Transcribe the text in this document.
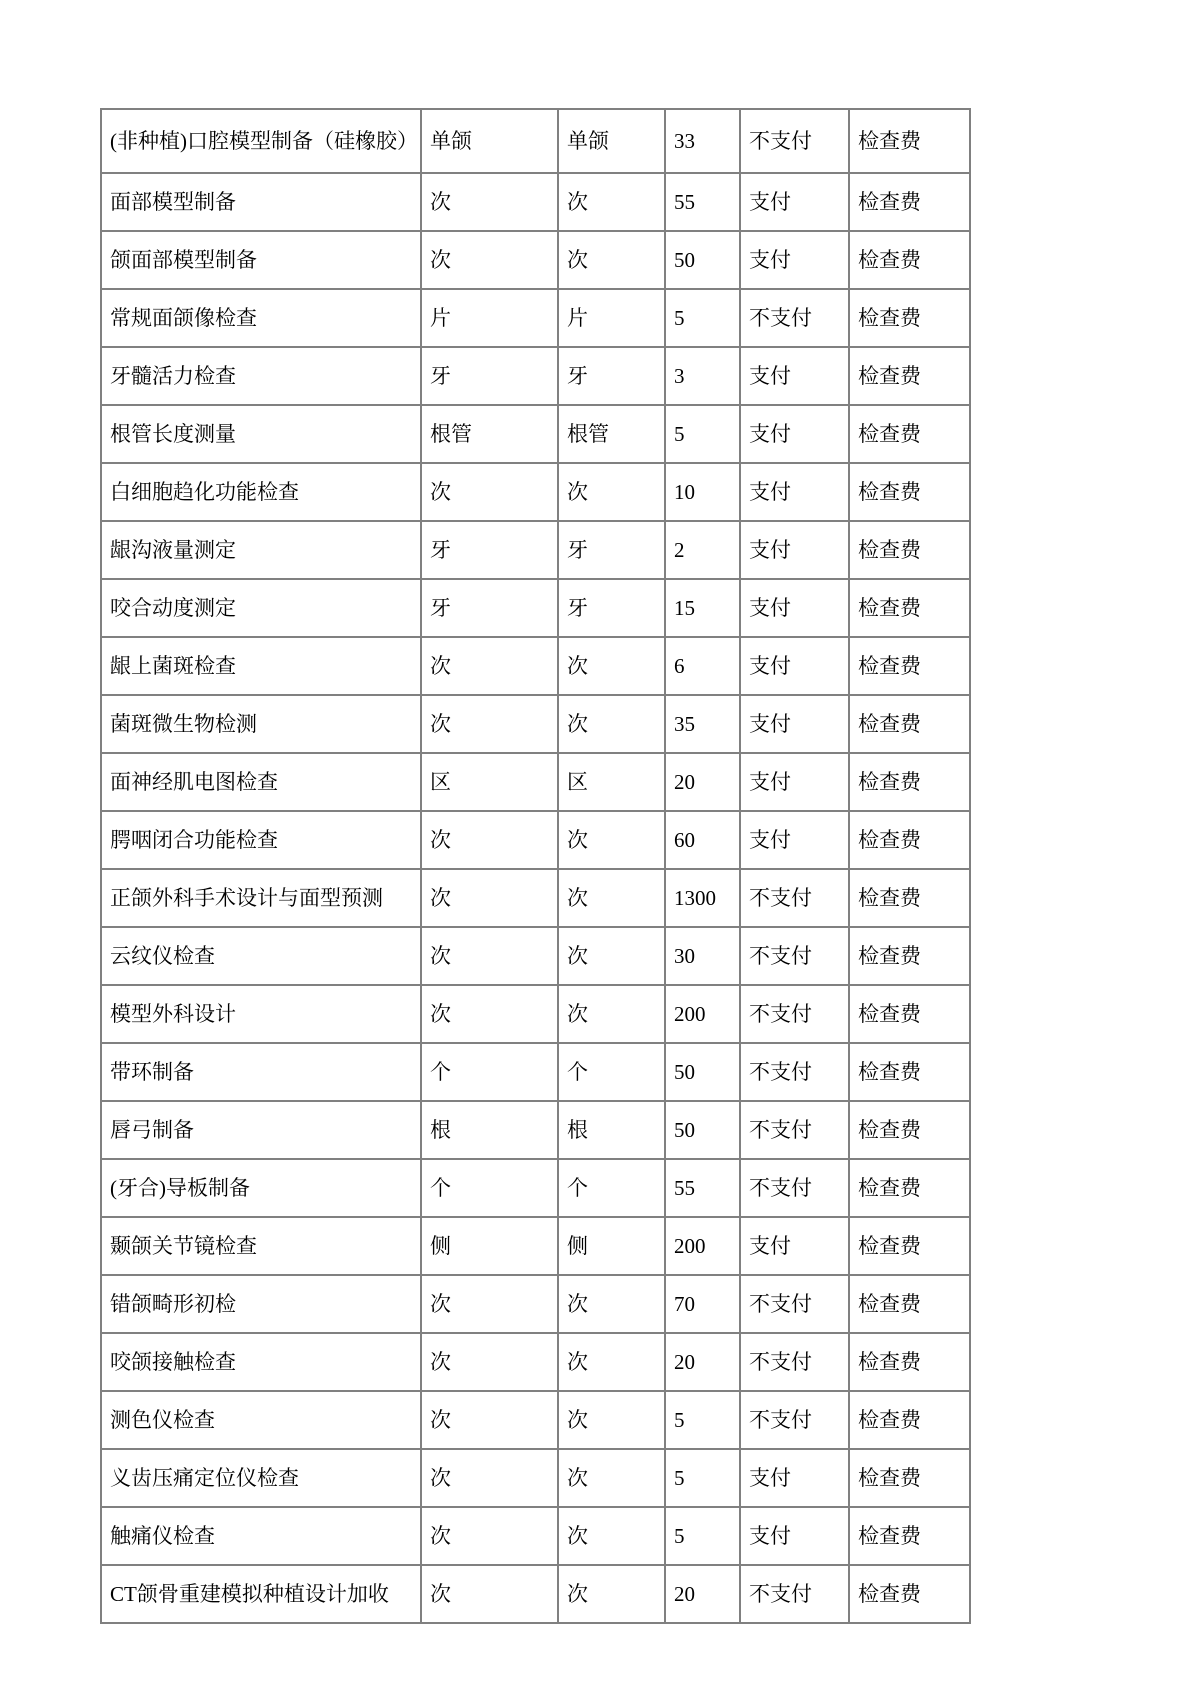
(非种植)口腔模型制备（硅橡胶）	单颌	单颌	33	不支付	检查费
面部模型制备	次	次	55	支付	检查费
颌面部模型制备	次	次	50	支付	检查费
常规面颌像检查	片	片	5	不支付	检查费
牙髓活力检查	牙	牙	3	支付	检查费
根管长度测量	根管	根管	5	支付	检查费
白细胞趋化功能检查	次	次	10	支付	检查费
龈沟液量测定	牙	牙	2	支付	检查费
咬合动度测定	牙	牙	15	支付	检查费
龈上菌斑检查	次	次	6	支付	检查费
菌斑微生物检测	次	次	35	支付	检查费
面神经肌电图检查	区	区	20	支付	检查费
腭咽闭合功能检查	次	次	60	支付	检查费
正颌外科手术设计与面型预测	次	次	1300	不支付	检查费
云纹仪检查	次	次	30	不支付	检查费
模型外科设计	次	次	200	不支付	检查费
带环制备	个	个	50	不支付	检查费
唇弓制备	根	根	50	不支付	检查费
(牙合)导板制备	个	个	55	不支付	检查费
颞颌关节镜检查	侧	侧	200	支付	检查费
错颌畸形初检	次	次	70	不支付	检查费
咬颌接触检查	次	次	20	不支付	检查费
测色仪检查	次	次	5	不支付	检查费
义齿压痛定位仪检查	次	次	5	支付	检查费
触痛仪检查	次	次	5	支付	检查费
CT颌骨重建模拟种植设计加收	次	次	20	不支付	检查费
